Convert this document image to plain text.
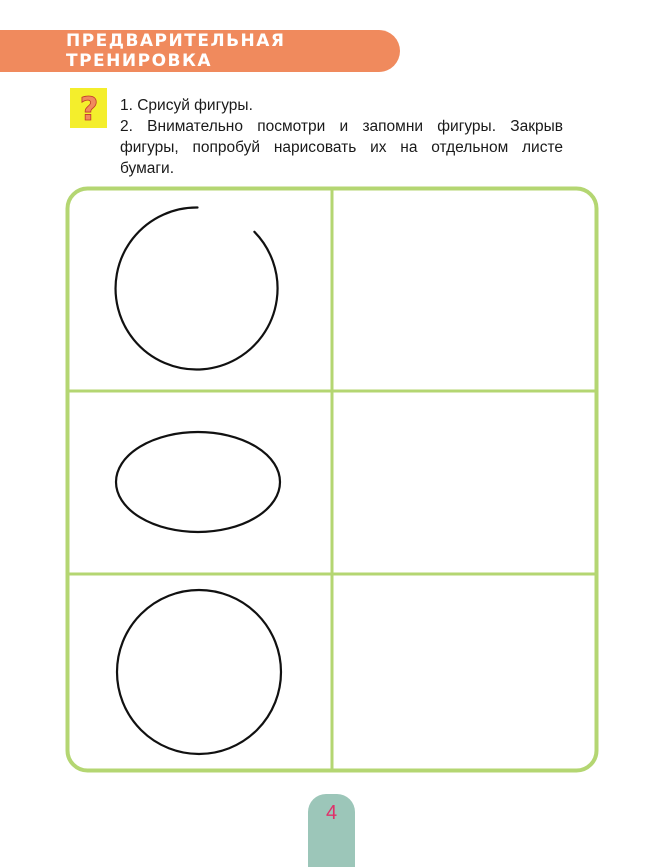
ПРЕДВАРИТЕЛЬНАЯ ТРЕНИРОВКА
? 1. Срисуй фигуры.

2. Внимательно посмотри и запомни фигуры. Закрыв фигуры, попробуй нарисовать их на отдельном листе бумаги.

4
